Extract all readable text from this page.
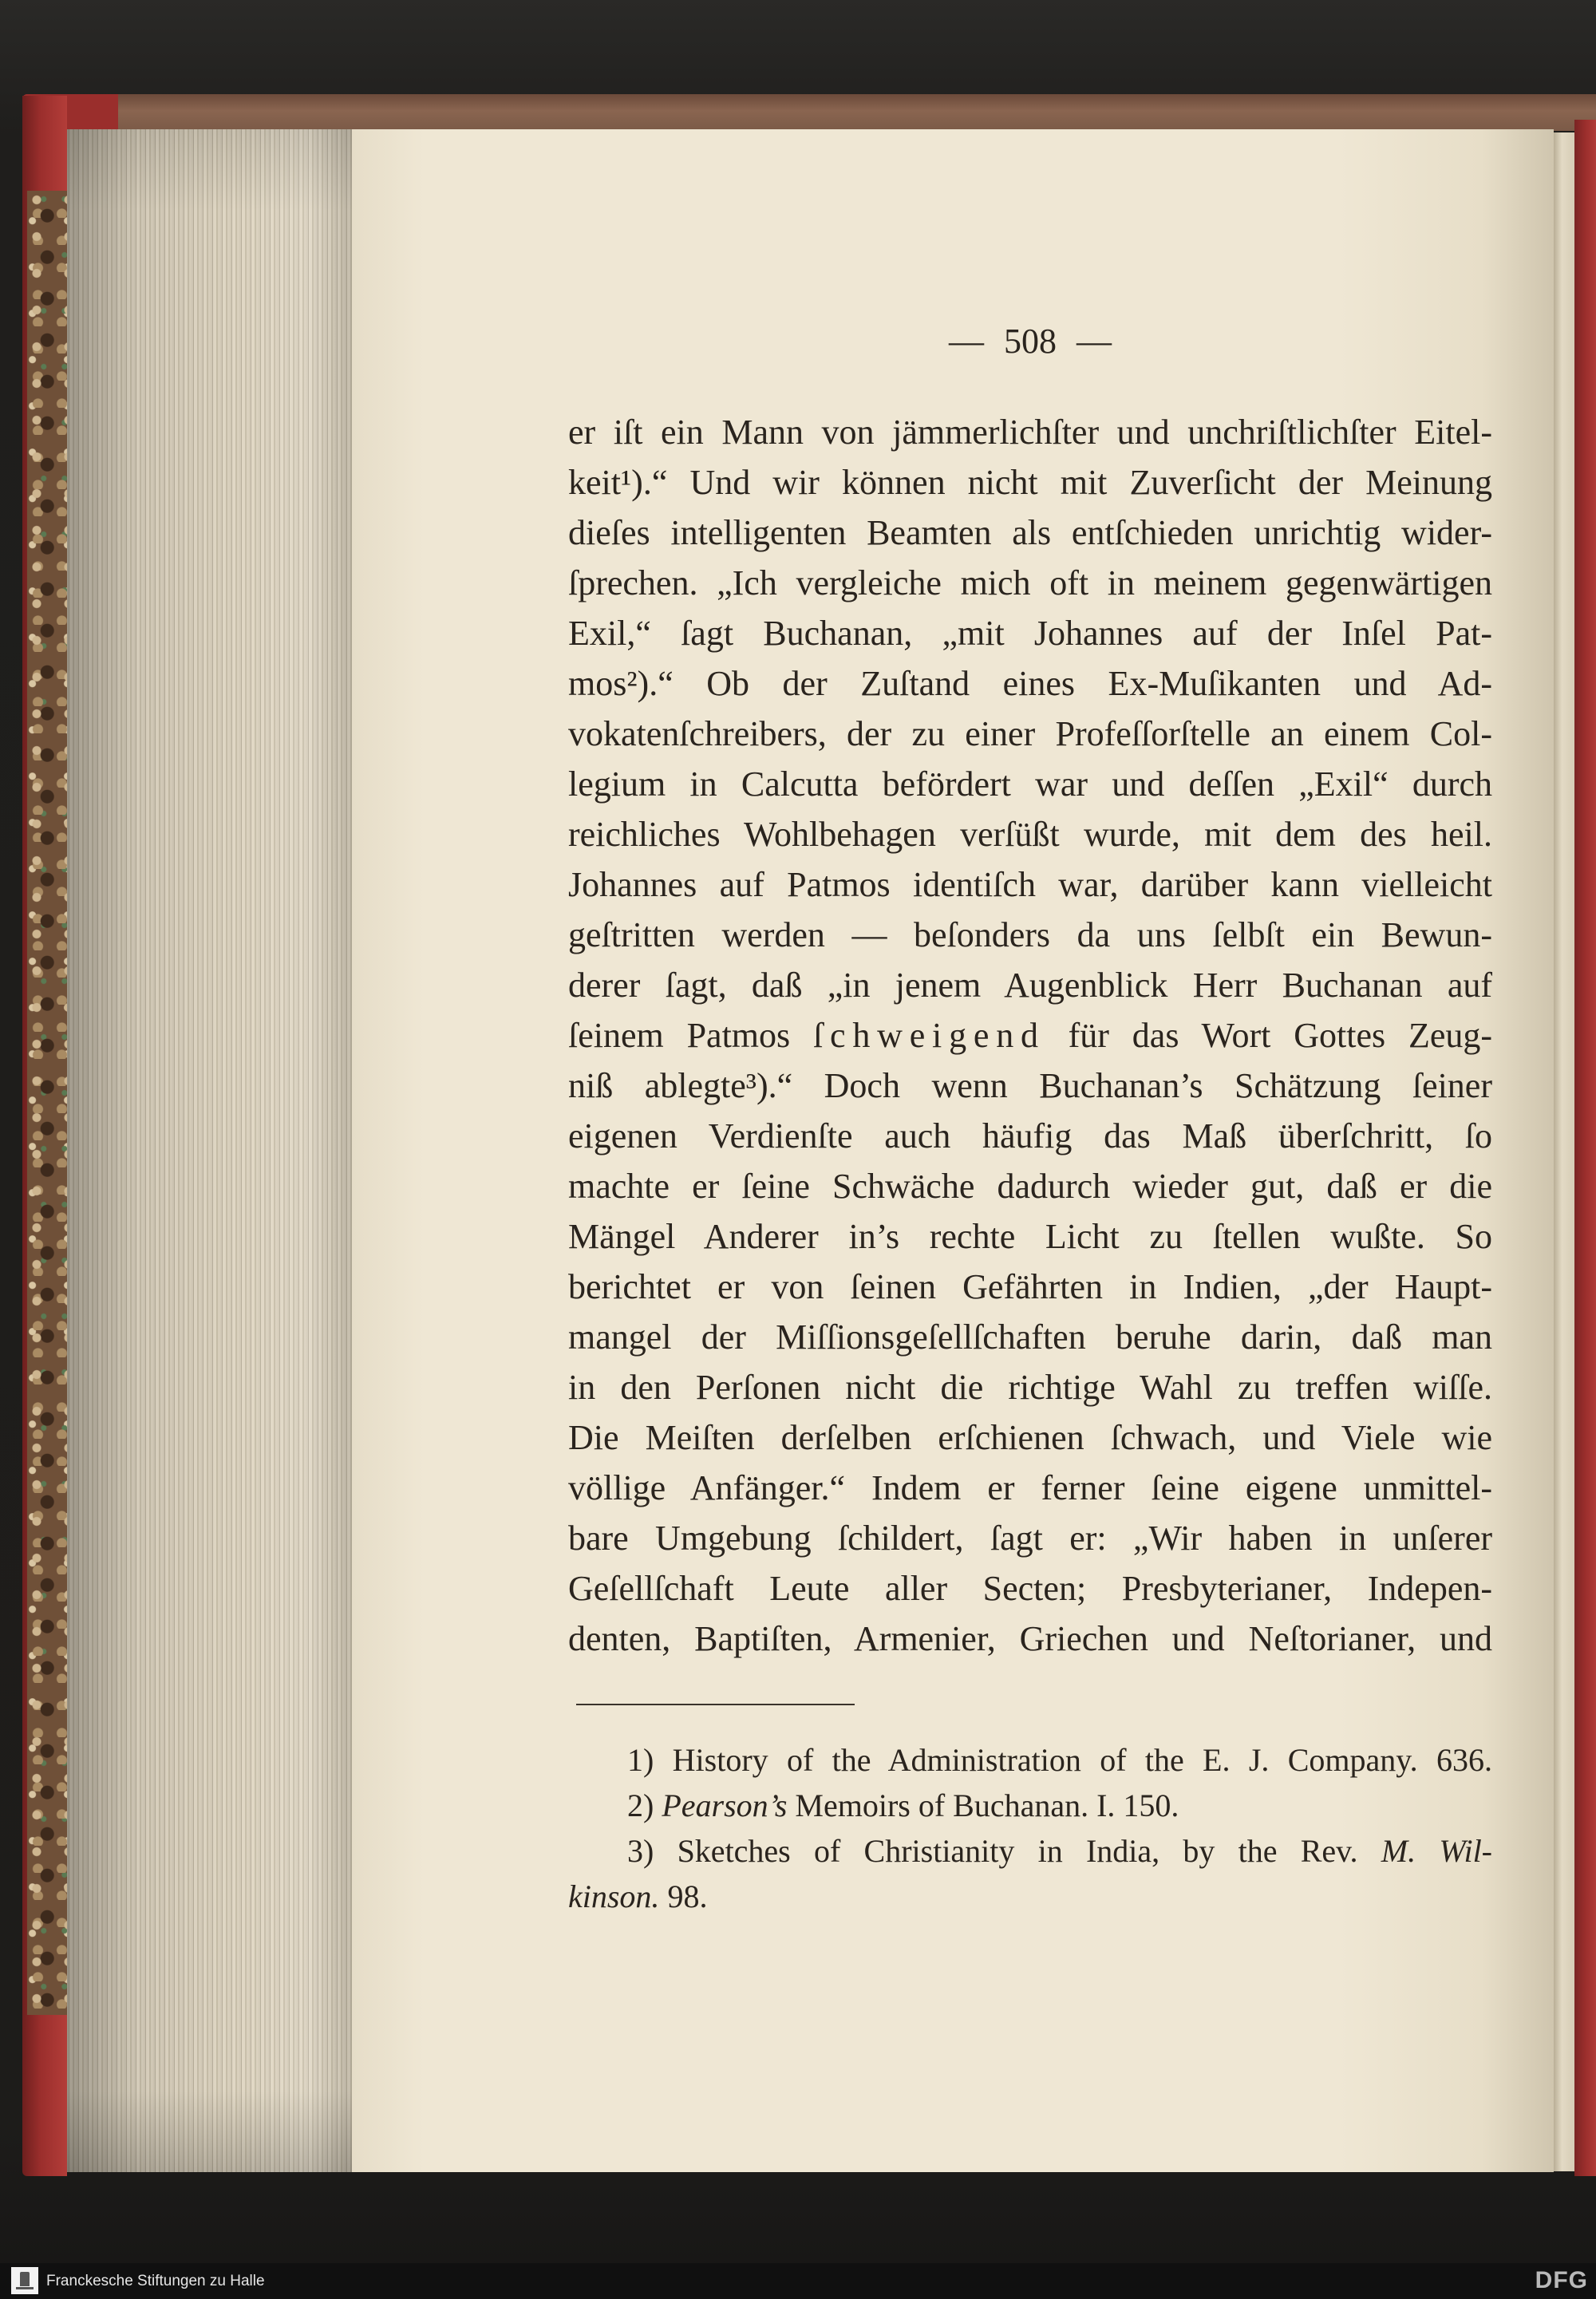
— 508 —
er iſt ein Mann von jämmerlichſter und unchriſtlichſter Eitel-
keit¹).“ Und wir können nicht mit Zuverſicht der Meinung
dieſes intelligenten Beamten als entſchieden unrichtig wider-
ſprechen. „Ich vergleiche mich oft in meinem gegenwärtigen
Exil,“ ſagt Buchanan, „mit Johannes auf der Inſel Pat-
mos²).“ Ob der Zuſtand eines Ex-Muſikanten und Ad-
vokatenſchreibers, der zu einer Profeſſorſtelle an einem Col-
legium in Calcutta befördert war und deſſen „Exil“ durch
reichliches Wohlbehagen verſüßt wurde, mit dem des heil.
Johannes auf Patmos identiſch war, darüber kann vielleicht
geſtritten werden — beſonders da uns ſelbſt ein Bewun-
derer ſagt, daß „in jenem Augenblick Herr Buchanan auf
ſeinem Patmos ſchweigend für das Wort Gottes Zeug-
niß ablegte³).“ Doch wenn Buchanan’s Schätzung ſeiner
eigenen Verdienſte auch häufig das Maß überſchritt, ſo
machte er ſeine Schwäche dadurch wieder gut, daß er die
Mängel Anderer in’s rechte Licht zu ſtellen wußte. So
berichtet er von ſeinen Gefährten in Indien, „der Haupt-
mangel der Miſſionsgeſellſchaften beruhe darin, daß man
in den Perſonen nicht die richtige Wahl zu treffen wiſſe.
Die Meiſten derſelben erſchienen ſchwach, und Viele wie
völlige Anfänger.“ Indem er ferner ſeine eigene unmittel-
bare Umgebung ſchildert, ſagt er: „Wir haben in unſerer
Geſellſchaft Leute aller Secten; Presbyterianer, Indepen-
denten, Baptiſten, Armenier, Griechen und Neſtorianer, und
1) History of the Administration of the E. J. Company. 636.
2) Pearson’s Memoirs of Buchanan. I. 150.
3) Sketches of Christianity in India, by the Rev. M. Wil-
kinson. 98.
Franckesche Stiftungen zu Halle	DFG
